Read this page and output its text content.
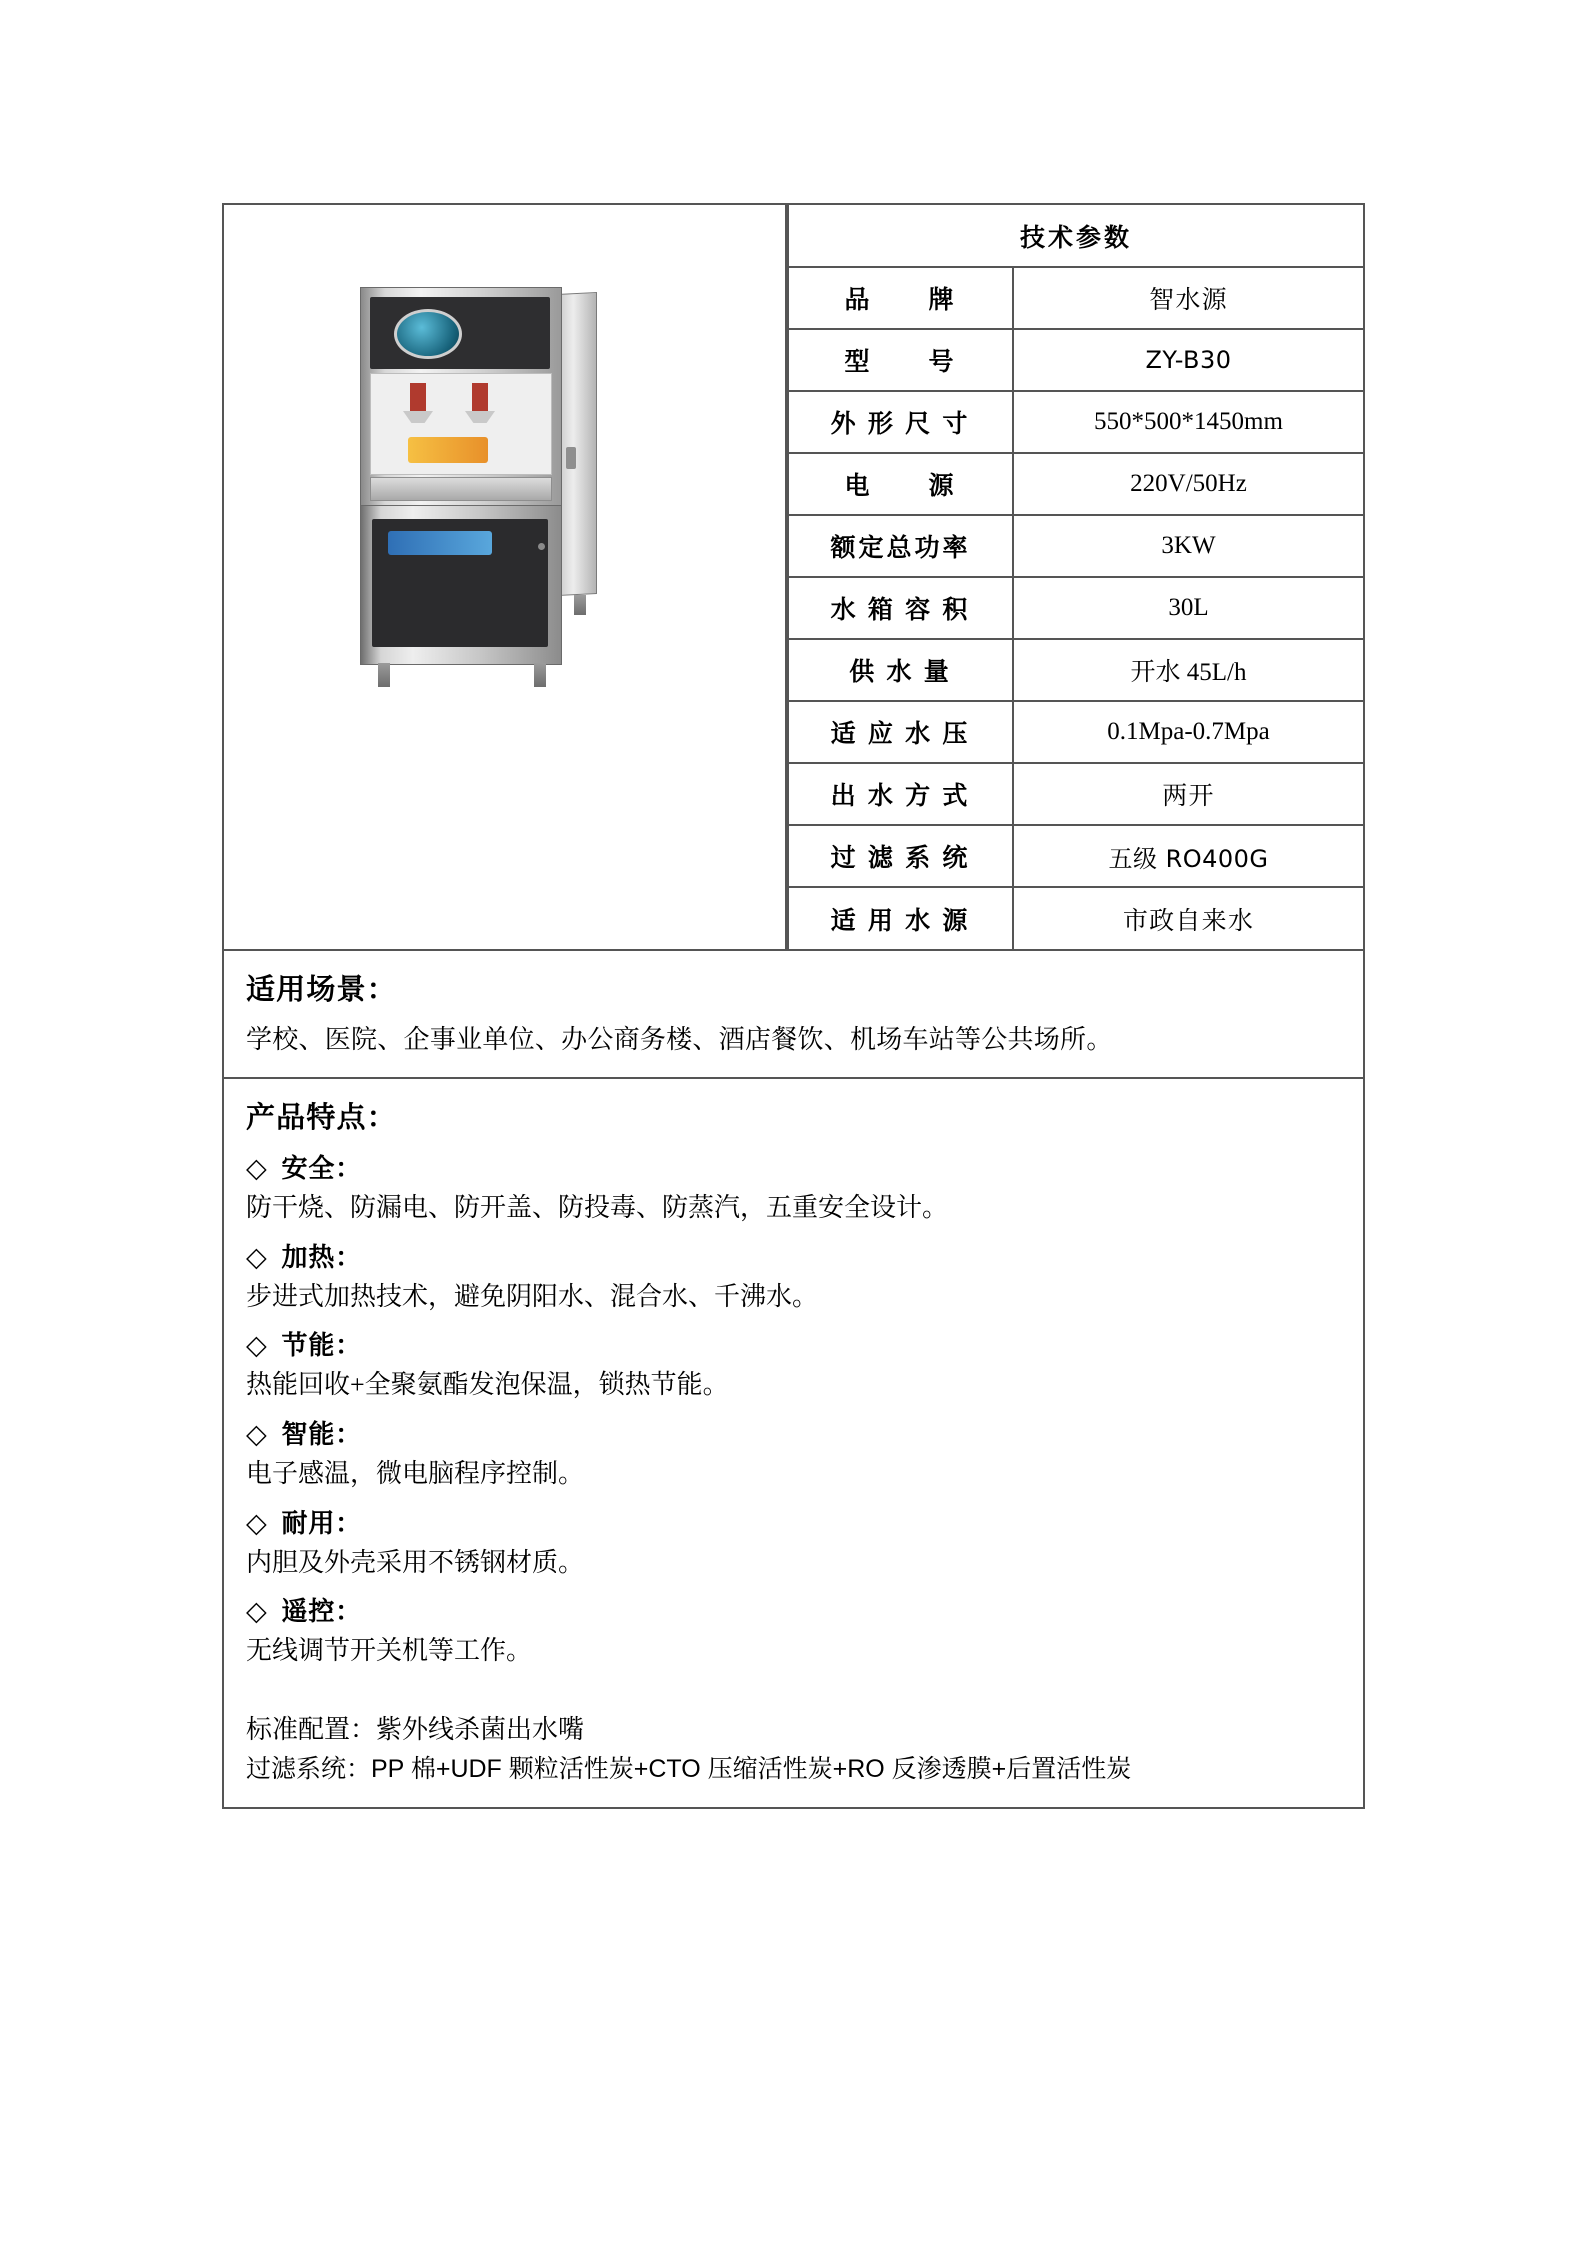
技术参数	
品　　牌	智水源
型　　号	ZY-B30
外 形 尺 寸	550*500*1450mm
电　　源	220V/50Hz
额定总功率	3KW
水 箱 容 积	30L
供 水 量	开水 45L/h
适 应 水 压	0.1Mpa-0.7Mpa
出 水 方 式	两开
过 滤 系 统	五级 RO400G
适 用 水 源	市政自来水
适用场景：
学校、医院、企事业单位、办公商务楼、酒店餐饮、机场车站等公共场所。
产品特点：
◇ 安全：
防干烧、防漏电、防开盖、防投毒、防蒸汽，五重安全设计。
◇ 加热：
步进式加热技术，避免阴阳水、混合水、千沸水。
◇ 节能：
热能回收+全聚氨酯发泡保温，锁热节能。
◇ 智能：
电子感温，微电脑程序控制。
◇ 耐用：
内胆及外壳采用不锈钢材质。
◇ 遥控：
无线调节开关机等工作。
标准配置：紫外线杀菌出水嘴
过滤系统：PP 棉+UDF 颗粒活性炭+CTO 压缩活性炭+RO 反渗透膜+后置活性炭
